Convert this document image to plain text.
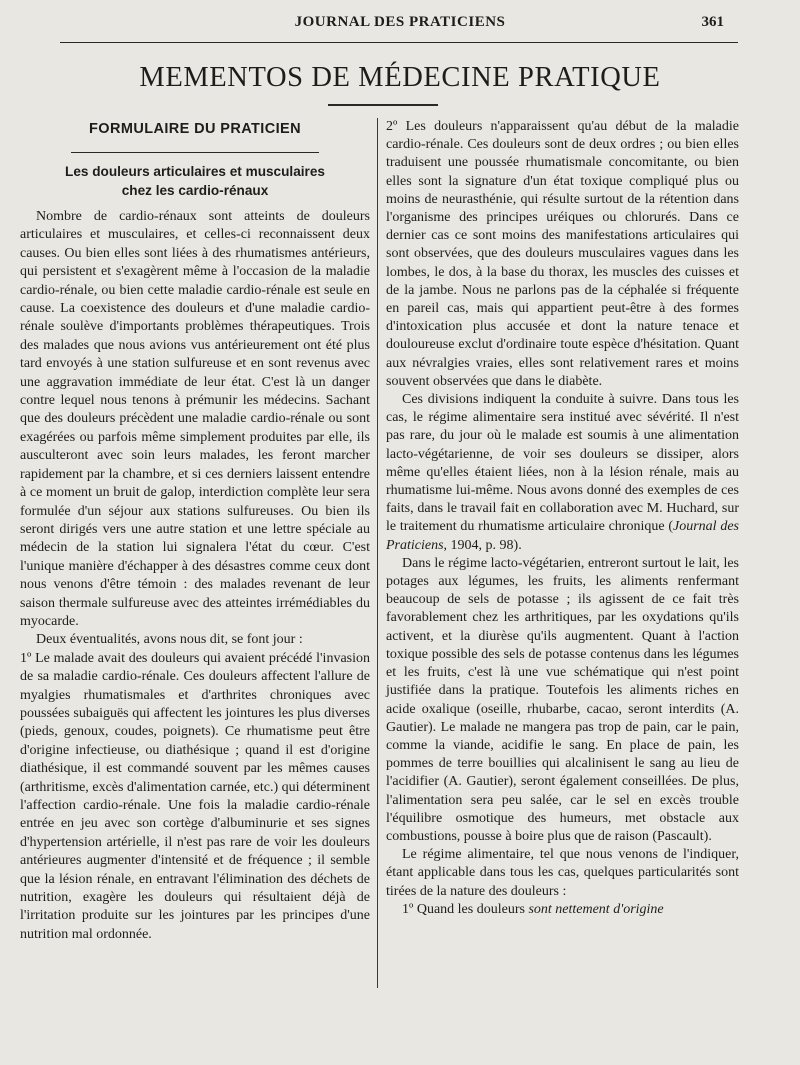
JOURNAL DES PRATICIENS	361
MEMENTOS DE MÉDECINE PRATIQUE
FORMULAIRE DU PRATICIEN
Les douleurs articulaires et musculaires
chez les cardio-rénaux

Nombre de cardio-rénaux sont atteints de douleurs articulaires et musculaires, et celles-ci reconnaissent deux causes. Ou bien elles sont liées à des rhumatismes antérieurs, qui persistent et s'exagèrent même à l'occasion de la maladie cardio-rénale, ou bien cette maladie cardio-rénale est seule en cause. La coexistence des douleurs et d'une maladie cardio-rénale soulève d'importants problèmes thérapeutiques. Trois des malades que nous avions vus antérieurement ont été plus tard envoyés à une station sulfureuse et en sont revenus avec une aggravation immédiate de leur état. C'est là un danger contre lequel nous tenons à prémunir les médecins. Sachant que des douleurs précèdent une maladie cardio-rénale ou sont exagérées ou parfois même simplement produites par elle, ils ausculteront avec soin leurs malades, les feront marcher rapidement par la chambre, et si ces derniers laissent entendre à ce moment un bruit de galop, interdiction complète leur sera formulée d'un séjour aux stations sulfureuses. Ou bien ils seront dirigés vers une autre station et une lettre spéciale au médecin de la station lui signalera l'état du cœur. C'est l'unique manière d'échapper à des désastres comme ceux dont nous venons d'être témoin : des malades revenant de leur saison thermale sulfureuse avec des atteintes irrémédiables du myocarde.

Deux éventualités, avons nous dit, se font jour :

1º Le malade avait des douleurs qui avaient précédé l'invasion de sa maladie cardio-rénale. Ces douleurs affectent l'allure de myalgies rhumatismales et d'arthrites chroniques avec poussées subaiguës qui affectent les jointures les plus diverses (pieds, genoux, coudes, poignets). Ce rhumatisme peut être d'origine infectieuse, ou diathésique ; quand il est d'origine diathésique, il est commandé souvent par les mêmes causes (arthritisme, excès d'alimentation carnée, etc.) qui déterminent l'affection cardio-rénale. Une fois la maladie cardio-rénale entrée en jeu avec son cortège d'albuminurie et ses signes d'hypertension artérielle, il n'est pas rare de voir les douleurs antérieures augmenter d'intensité et de fréquence ; il semble que la lésion rénale, en entravant l'élimination des déchets de nutrition, exagère les douleurs qui résultaient déjà de l'irritation produite sur les jointures par les principes d'une nutrition mal ordonnée.

2º Les douleurs n'apparaissent qu'au début de la maladie cardio-rénale. Ces douleurs sont de deux ordres ; ou bien elles traduisent une poussée rhumatismale concomitante, ou bien elles sont la signature d'un état toxique compliqué plus ou moins de neurasthénie, qui résulte surtout de la rétention dans l'organisme des principes uréiques ou chlorurés. Dans ce dernier cas ce sont moins des manifestations articulaires qui sont observées, que des douleurs musculaires vagues dans les lombes, le dos, à la base du thorax, les muscles des cuisses et de la jambe. Nous ne parlons pas de la céphalée si fréquente en pareil cas, mais qui appartient peut-être à des formes d'intoxication plus accusée et dont la nature tenace et douloureuse exclut d'ordinaire toute espèce d'hésitation. Quant aux névralgies vraies, elles sont relativement rares et moins souvent observées que dans le diabète.

Ces divisions indiquent la conduite à suivre. Dans tous les cas, le régime alimentaire sera institué avec sévérité. Il n'est pas rare, du jour où le malade est soumis à une alimentation lacto-végétarienne, de voir ses douleurs se dissiper, alors même qu'elles étaient liées, non à la lésion rénale, mais au rhumatisme lui-même. Nous avons donné des exemples de ces faits, dans le travail fait en collaboration avec M. Huchard, sur le traitement du rhumatisme articulaire chronique (Journal des Praticiens, 1904, p. 98).

Dans le régime lacto-végétarien, entreront surtout le lait, les potages aux légumes, les fruits, les aliments renfermant beaucoup de sels de potasse ; ils agissent de ce fait très favorablement chez les arthritiques, par les oxydations qu'ils activent, et la diurèse qu'ils augmentent. Quant à l'action toxique possible des sels de potasse contenus dans les légumes et les fruits, c'est là une vue schématique qui n'est point justifiée dans la pratique. Toutefois les aliments riches en acide oxalique (oseille, rhubarbe, cacao, seront interdits (A. Gautier). Le malade ne mangera pas trop de pain, car le pain, comme la viande, acidifie le sang. En place de pain, les pommes de terre bouillies qui alcalinisent le sang au lieu de l'acidifier (A. Gautier), seront également conseillées. De plus, l'alimentation sera peu salée, car le sel en excès trouble l'équilibre osmotique des humeurs, met obstacle aux combustions, pousse à boire plus que de raison (Pascault).

Le régime alimentaire, tel que nous venons de l'indiquer, étant applicable dans tous les cas, quelques particularités sont tirées de la nature des douleurs :

1º Quand les douleurs sont nettement d'origine
